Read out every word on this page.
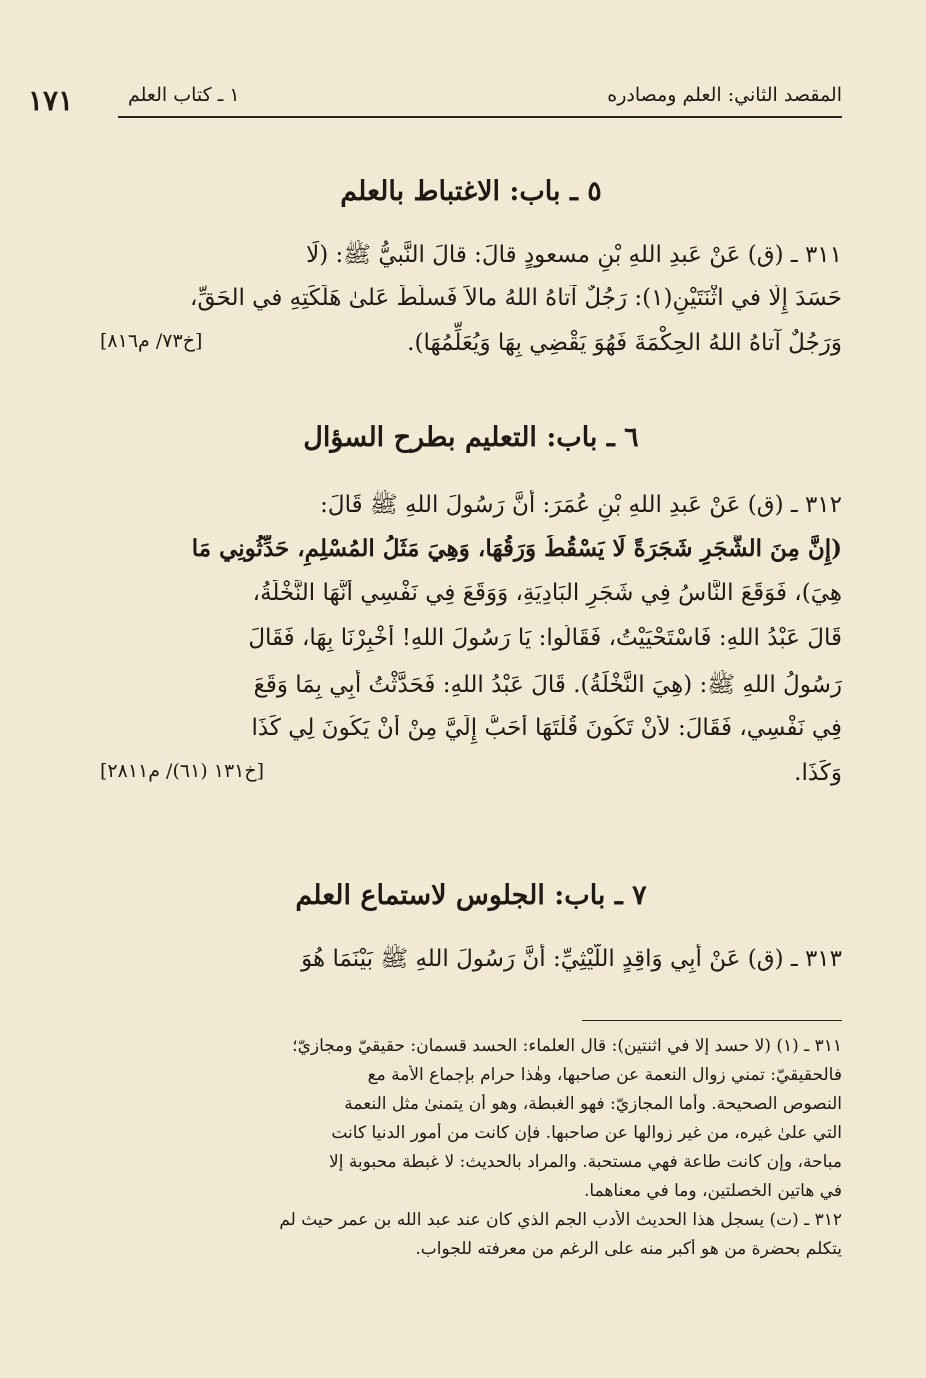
١٧١	المقصد الثاني: العلم ومصادره
١ ـ كتاب العلم
٥ ـ باب: الاغتباط بالعلم
٣١١ ـ (ق) عَنْ عَبدِ اللهِ بْنِ مسعودٍ قالَ: قالَ النَّبيُّ ﷺ: (لَا
حَسَدَ إِلَّا في اثْنَتَيْنِ(١): رَجُلٌ آتاهُ اللهُ مالاً فَسلَّطَ عَلىٰ هَلَكَتِهِ في الحَقِّ،
وَرَجُلٌ آتاهُ اللهُ الحِكْمَةَ فَهُوَ يَقْضِي بِهَا وَيُعَلِّمُهَا).
[خ٧٣/ م٨١٦]
٦ ـ باب: التعليم بطرح السؤال
٣١٢ ـ (ق) عَنْ عَبدِ اللهِ بْنِ عُمَرَ: أَنَّ رَسُولَ اللهِ ﷺ قَالَ:
(إِنَّ مِنَ الشَّجَرِ شَجَرَةً لَا يَسْقُطُ وَرَقُهَا، وَهِيَ مَثَلُ المُسْلِمِ، حَدِّثُونِي مَا
هِيَ)، فَوَقَعَ النَّاسُ فِي شَجَرِ البَادِيَةِ، وَوَقَعَ فِي نَفْسِي أَنَّهَا النَّخْلَةُ،
قَالَ عَبْدُ اللهِ: فَاسْتَحْيَيْتُ، فَقَالُوا: يَا رَسُولَ اللهِ! أَخْبِرْنَا بِهَا، فَقَالَ
رَسُولُ اللهِ ﷺ: (هِيَ النَّخْلَةُ). قَالَ عَبْدُ اللهِ: فَحَدَّثْتُ أَبِي بِمَا وَقَعَ
فِي نَفْسِي، فَقَالَ: لأَنْ تَكُونَ قُلْتَهَا أَحَبُّ إِلَيَّ مِنْ أَنْ يَكُونَ لِي كَذَا
وَكَذَا.
[خ١٣١ (٦١)/ م٢٨١١]
٧ ـ باب: الجلوس لاستماع العلم
٣١٣ ـ (ق) عَنْ أَبِي وَاقِدٍ اللَّيْثِيِّ: أَنَّ رَسُولَ اللهِ ﷺ بَيْنَمَا هُوَ
٣١١ ـ (١) (لا حسد إلا في اثنتين): قال العلماء: الحسد قسمان: حقيقيّ ومجازيّ؛
فالحقيقيّ: تمني زوال النعمة عن صاحبها، وهٰذا حرام بإجماع الأمة مع
النصوص الصحيحة. وأما المجازيّ: فهو الغبطة، وهو أن يتمنىٰ مثل النعمة
التي علىٰ غيره، من غير زوالها عن صاحبها. فإن كانت من أمور الدنيا كانت
مباحة، وإن كانت طاعة فهي مستحبة. والمراد بالحديث: لا غبطة محبوبة إلا
في هاتين الخصلتين، وما في معناهما.
٣١٢ ـ (ت) يسجل هذا الحديث الأدب الجم الذي كان عند عبد الله بن عمر حيث لم
يتكلم بحضرة من هو أكبر منه على الرغم من معرفته للجواب.
